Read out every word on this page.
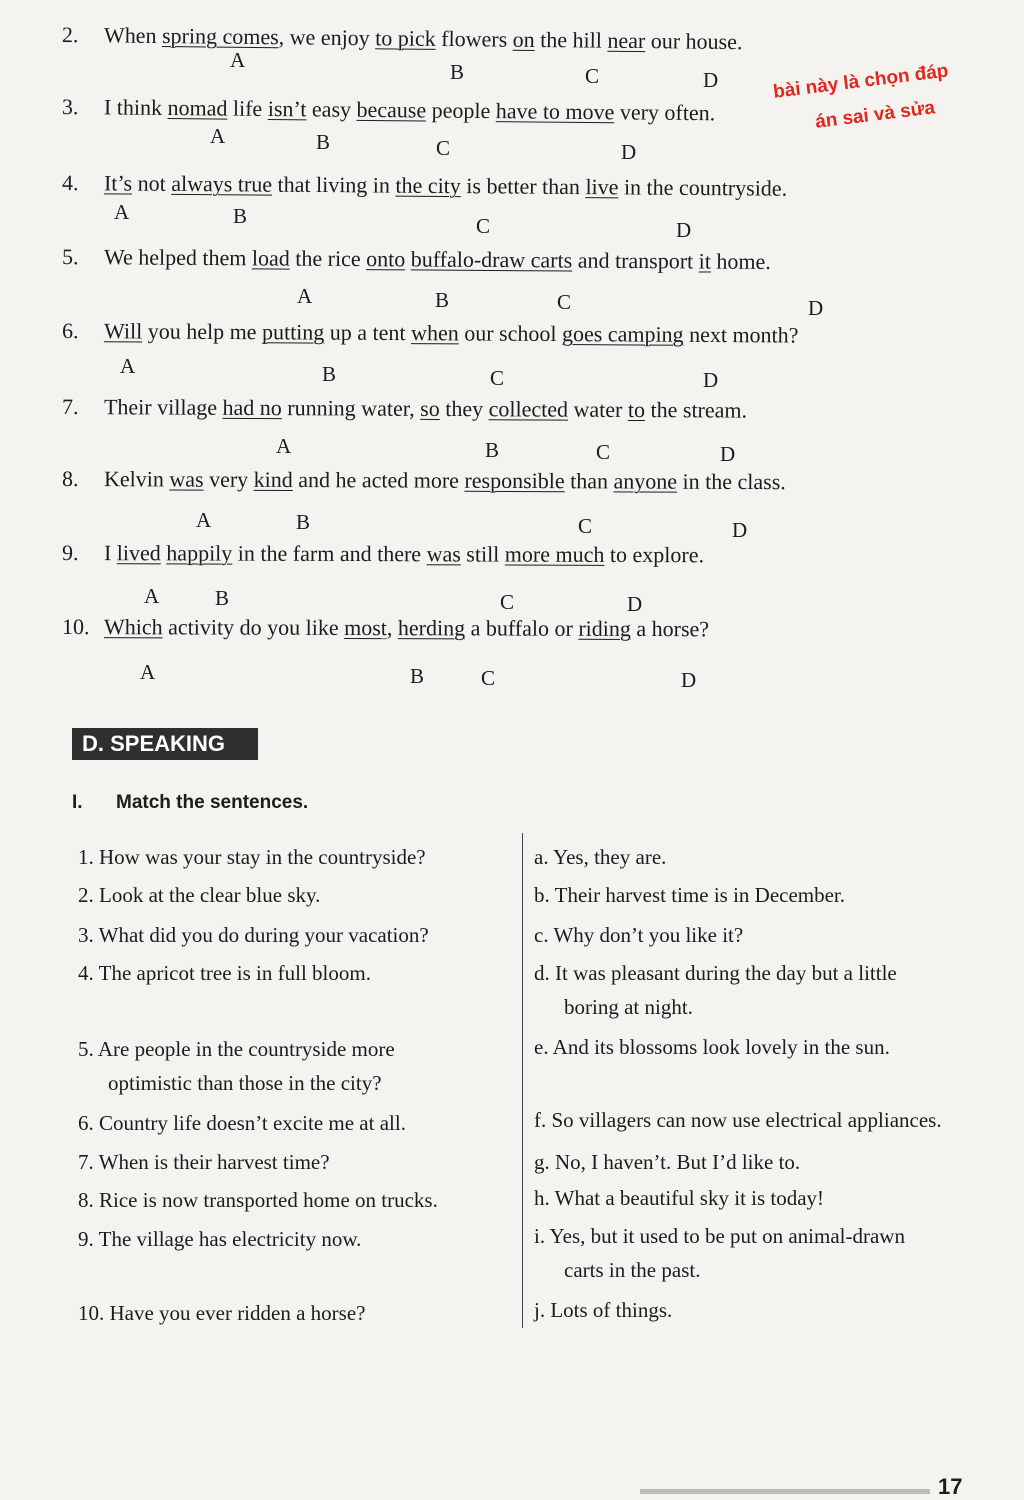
2. When spring comes, we enjoy to pick flowers on the hill near our house.
A	B	C	D
3. I think nomad life isn’t easy because people have to move very often.
A	B	C	D
4. It’s not always true that living in the city is better than live in the countryside.
A	B	C	D
5. We helped them load the rice onto buffalo-draw carts and transport it home.
A	B	C	D
6. Will you help me putting up a tent when our school goes camping next month?
A	B	C	D
7. Their village had no running water, so they collected water to the stream.
A	B	C	D
8. Kelvin was very kind and he acted more responsible than anyone in the class.
A	B	C	D
9. I lived happily in the farm and there was still more much to explore.
A	B	C	D
10. Which activity do you like most, herding a buffalo or riding a horse?
A	B	C	D
bài này là chọn đáp
án sai và sửa
D. SPEAKING
I. Match the sentences.
1. How was your stay in the countryside?
2. Look at the clear blue sky.
3. What did you do during your vacation?
4. The apricot tree is in full bloom.
5. Are people in the countryside more
optimistic than those in the city?
6. Country life doesn’t excite me at all.
7. When is their harvest time?
8. Rice is now transported home on trucks.
9. The village has electricity now.
10. Have you ever ridden a horse?
a. Yes, they are.
b. Their harvest time is in December.
c. Why don’t you like it?
d. It was pleasant during the day but a little
boring at night.
e. And its blossoms look lovely in the sun.
f. So villagers can now use electrical appliances.
g. No, I haven’t. But I’d like to.
h. What a beautiful sky it is today!
i. Yes, but it used to be put on animal-drawn
carts in the past.
j. Lots of things.
17
